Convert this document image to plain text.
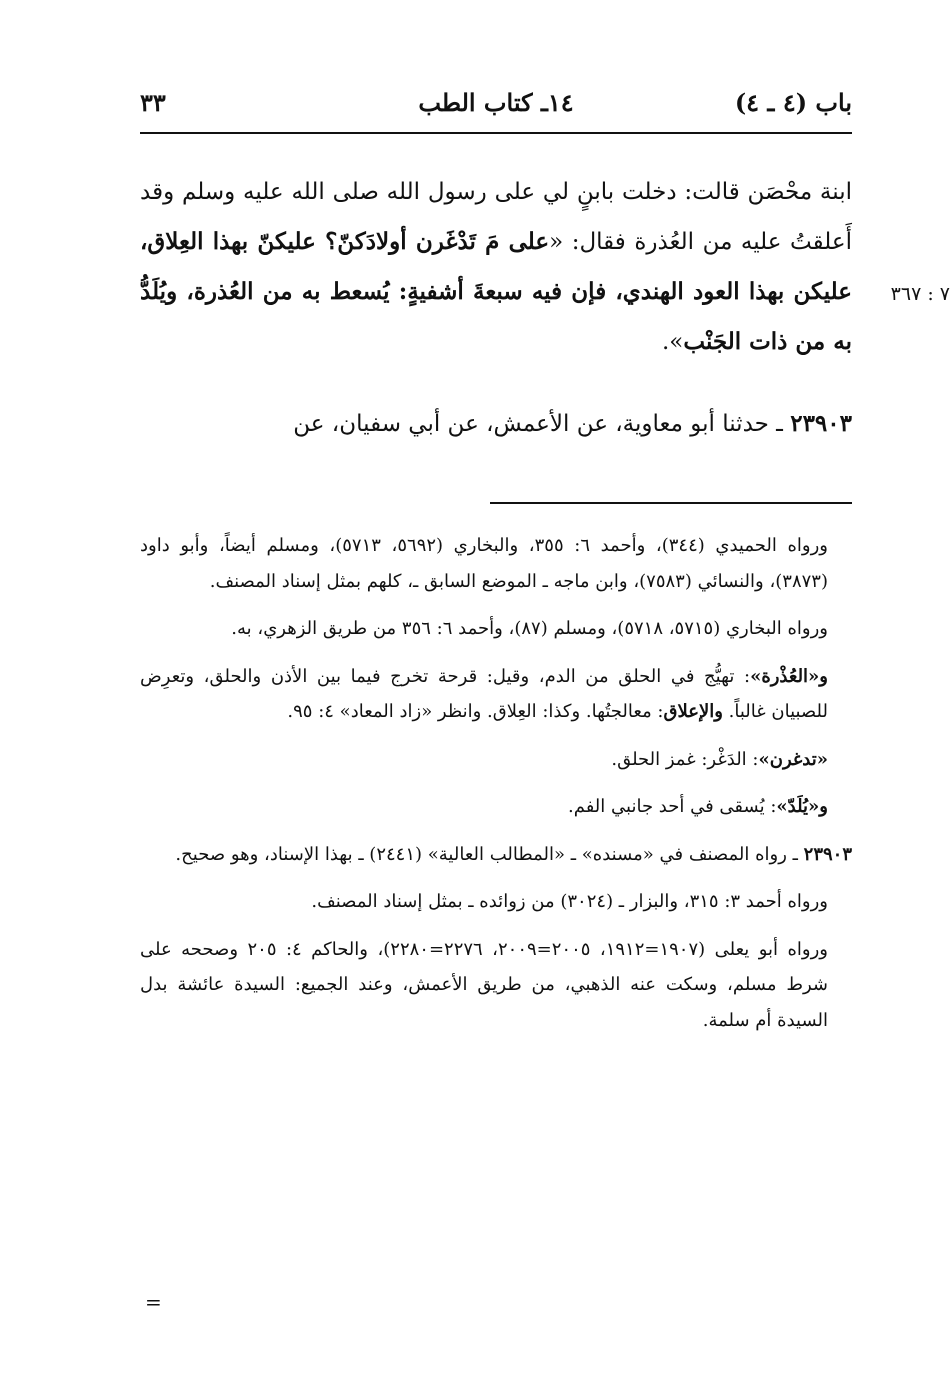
باب (٤ ـ ٤)
١٤ـ كتاب الطب
٣٣
٧ : ٣٦٧

ابنة محْصَن قالت: دخلت بابنٍ لي على رسول الله صلى الله عليه وسلم وقد أَعلقتُ عليه من العُذرة فقال: «على مَ تَدْغَرن أولادَكنّ؟ عليكنّ بهذا العِلاق، عليكن بهذا العود الهندي، فإن فيه سبعةَ أشفيةٍ: يُسعط به من العُذرة، ويُلَدُّ به من ذات الجَنْب».

٢٣٩٠٣ ـ حدثنا أبو معاوية، عن الأعمش، عن أبي سفيان، عن

ورواه الحميدي (٣٤٤)، وأحمد ٦: ٣٥٥، والبخاري (٥٦٩٢، ٥٧١٣)، ومسلم أيضاً، وأبو داود (٣٨٧٣)، والنسائي (٧٥٨٣)، وابن ماجه ـ الموضع السابق ـ، كلهم بمثل إسناد المصنف.

ورواه البخاري (٥٧١٥، ٥٧١٨)، ومسلم (٨٧)، وأحمد ٦: ٣٥٦ من طريق الزهري، به.

و«العُذْرة»: تهيُّج في الحلق من الدم، وقيل: قرحة تخرج فيما بين الأذن والحلق، وتعرِض للصبيان غالباً. والإعلاق: معالجتُها. وكذا: العِلاق. وانظر «زاد المعاد» ٤: ٩٥.

«تدغرن»: الدَغْر: غمز الحلق.

و«يُلَدّ»: يُسقى في أحد جانبي الفم.

٢٣٩٠٣ ـ رواه المصنف في «مسنده» ـ «المطالب العالية» (٢٤٤١) ـ بهذا الإسناد، وهو صحيح.

ورواه أحمد ٣: ٣١٥، والبزار ـ (٣٠٢٤) من زوائده ـ بمثل إسناد المصنف.

ورواه أبو يعلى (١٩٠٧=١٩١٢، ٢٠٠٥=٢٠٠٩، ٢٢٧٦=٢٢٨٠)، والحاكم ٤: ٢٠٥ وصححه على شرط مسلم، وسكت عنه الذهبي، من طريق الأعمش، وعند الجميع: السيدة عائشة بدل السيدة أم سلمة.

=
